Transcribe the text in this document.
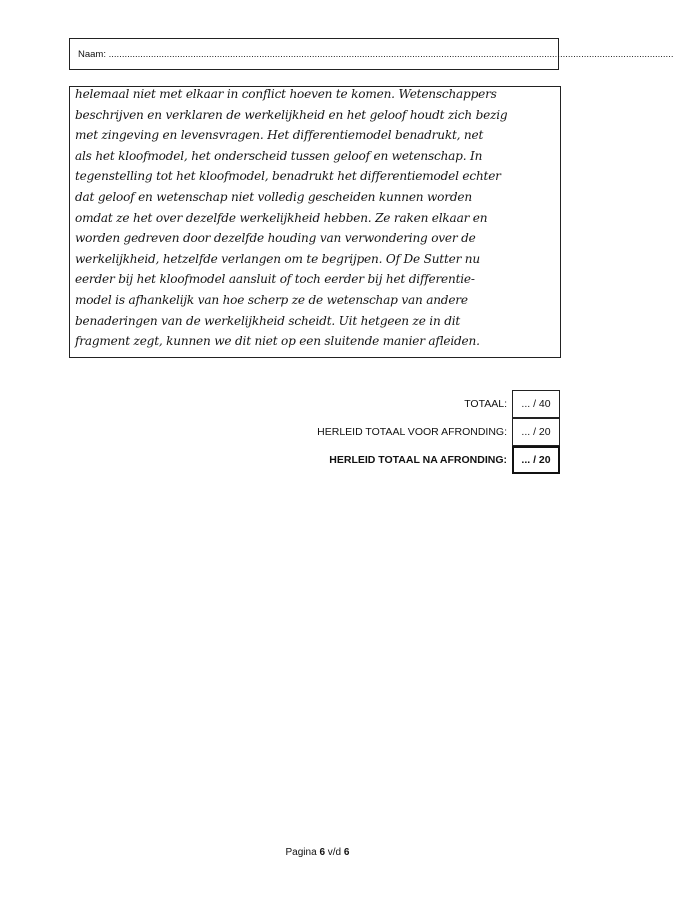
Naam: ......................................................................................................................................................................................................................
helemaal niet met elkaar in conflict hoeven te komen. Wetenschappers
beschrijven en verklaren de werkelijkheid en het geloof houdt zich bezig
met zingeving en levensvragen. Het differentiemodel benadrukt, net
als het kloofmodel, het onderscheid tussen geloof en wetenschap. In
tegenstelling tot het kloofmodel, benadrukt het differentiemodel echter
dat geloof en wetenschap niet volledig gescheiden kunnen worden
omdat ze het over dezelfde werkelijkheid hebben. Ze raken elkaar en
worden gedreven door dezelfde houding van verwondering over de
werkelijkheid, hetzelfde verlangen om te begrijpen. Of De Sutter nu
eerder bij het kloofmodel aansluit of toch eerder bij het differentie-
model is afhankelijk van hoe scherp ze de wetenschap van andere
benaderingen van de werkelijkheid scheidt. Uit hetgeen ze in dit
fragment zegt, kunnen we dit niet op een sluitende manier afleiden.
TOTAAL:	... / 40
HERLEID TOTAAL VOOR AFRONDING:	... / 20
HERLEID TOTAAL NA AFRONDING:	... / 20
Pagina 6 v/d 6
